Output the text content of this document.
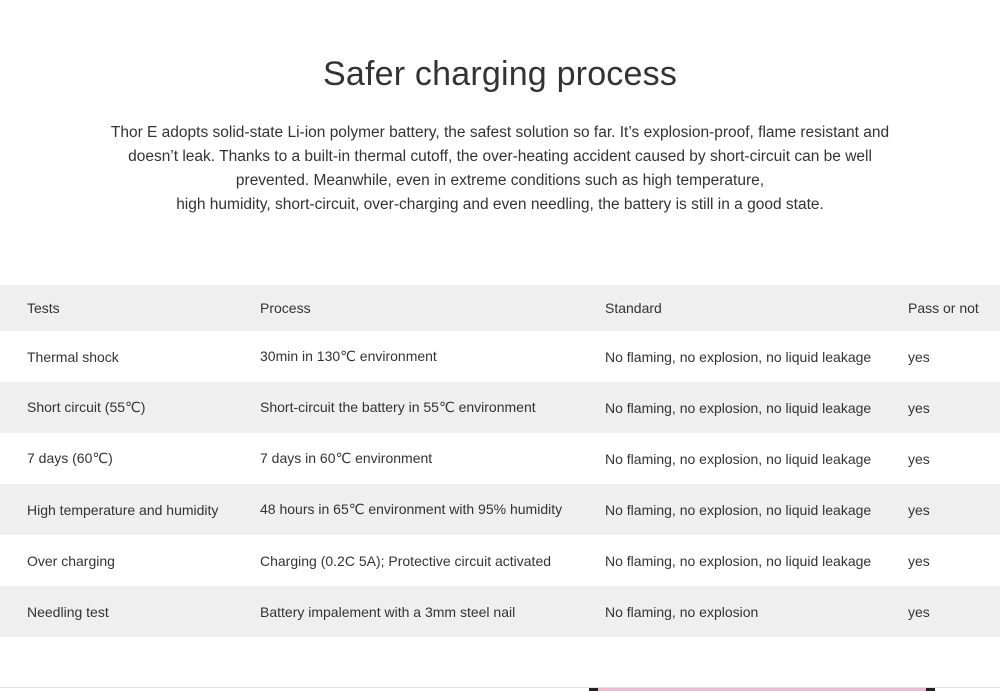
Safer charging process

Thor E adopts solid-state Li-ion polymer battery, the safest solution so far. It’s explosion-proof, flame resistant and
doesn’t leak. Thanks to a built-in thermal cutoff, the over-heating accident caused by short-circuit can be well
prevented. Meanwhile, even in extreme conditions such as high temperature,
high humidity, short-circuit, over-charging and even needling, the battery is still in a good state.

Tests	Process	Standard	Pass or not
Thermal shock	30min in 130℃ environment	No flaming, no explosion, no liquid leakage	yes
Short circuit (55℃)	Short-circuit the battery in 55℃ environment	No flaming, no explosion, no liquid leakage	yes
7 days (60℃)	7 days in 60℃ environment	No flaming, no explosion, no liquid leakage	yes
High temperature and humidity	48 hours in 65℃ environment with 95% humidity	No flaming, no explosion, no liquid leakage	yes
Over charging	Charging (0.2C 5A); Protective circuit activated	No flaming, no explosion, no liquid leakage	yes
Needling test	Battery impalement with a 3mm steel nail	No flaming, no explosion	yes
